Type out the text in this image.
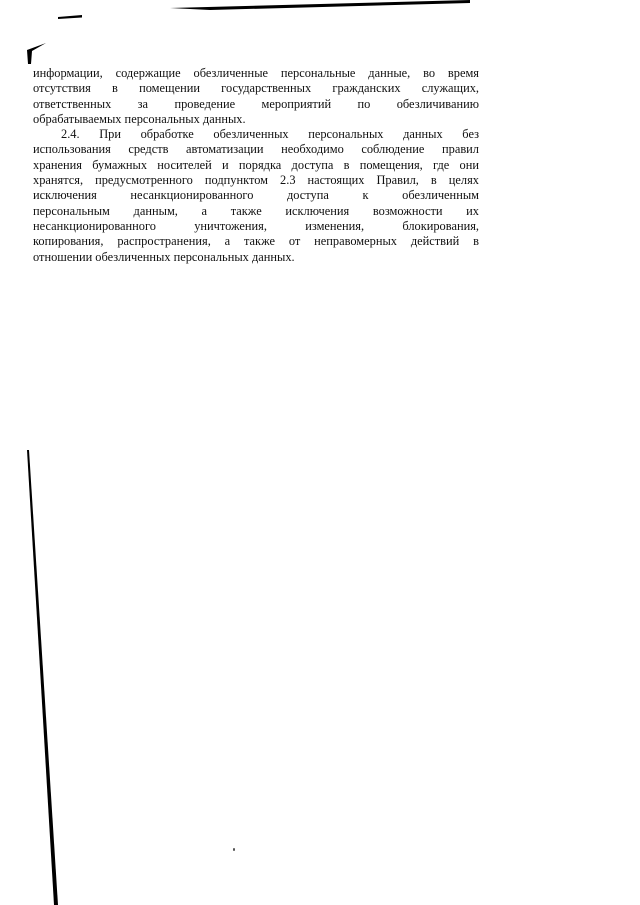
информации, содержащие обезличенные персональные данные, во время
отсутствия в помещении государственных гражданских служащих,
ответственных за проведение мероприятий по обезличиванию
обрабатываемых персональных данных.
2.4. При обработке обезличенных персональных данных без
использования средств автоматизации необходимо соблюдение правил
хранения бумажных носителей и порядка доступа в помещения, где они
хранятся, предусмотренного подпунктом 2.3 настоящих Правил, в целях
исключения несанкционированного доступа к обезличенным
персональным данным, а также исключения возможности их
несанкционированного уничтожения, изменения, блокирования,
копирования, распространения, а также от неправомерных действий в
отношении обезличенных персональных данных.
